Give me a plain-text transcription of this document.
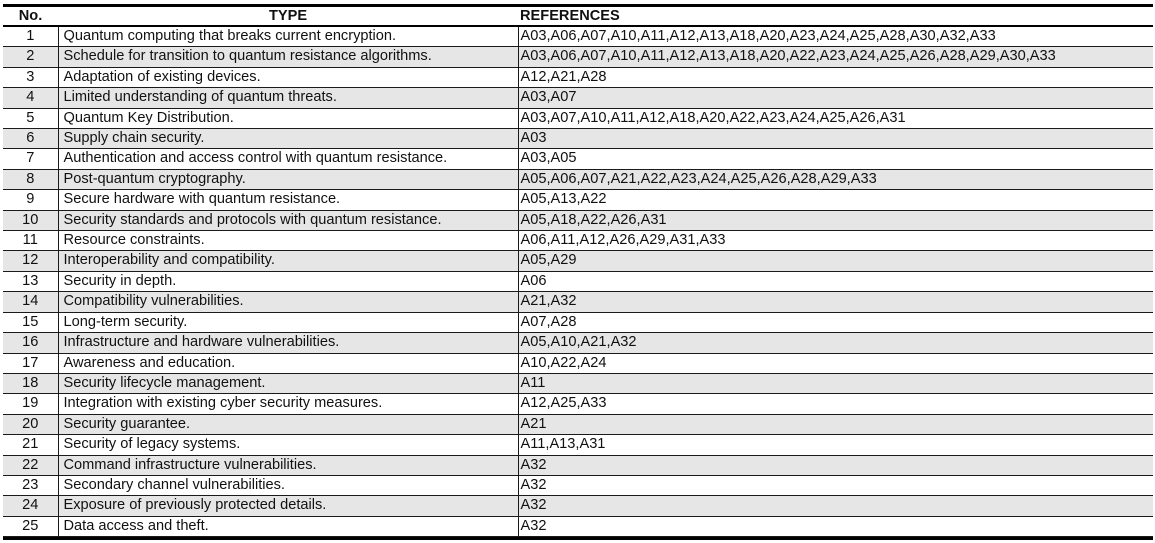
No.	TYPE	REFERENCES
1	Quantum computing that breaks current encryption.	A03,A06,A07,A10,A11,A12,A13,A18,A20,A23,A24,A25,A28,A30,A32,A33
2	Schedule for transition to quantum resistance algorithms.	A03,A06,A07,A10,A11,A12,A13,A18,A20,A22,A23,A24,A25,A26,A28,A29,A30,A33
3	Adaptation of existing devices.	A12,A21,A28
4	Limited understanding of quantum threats.	A03,A07
5	Quantum Key Distribution.	A03,A07,A10,A11,A12,A18,A20,A22,A23,A24,A25,A26,A31
6	Supply chain security.	A03
7	Authentication and access control with quantum resistance.	A03,A05
8	Post-quantum cryptography.	A05,A06,A07,A21,A22,A23,A24,A25,A26,A28,A29,A33
9	Secure hardware with quantum resistance.	A05,A13,A22
10	Security standards and protocols with quantum resistance.	A05,A18,A22,A26,A31
11	Resource constraints.	A06,A11,A12,A26,A29,A31,A33
12	Interoperability and compatibility.	A05,A29
13	Security in depth.	A06
14	Compatibility vulnerabilities.	A21,A32
15	Long-term security.	A07,A28
16	Infrastructure and hardware vulnerabilities.	A05,A10,A21,A32
17	Awareness and education.	A10,A22,A24
18	Security lifecycle management.	A11
19	Integration with existing cyber security measures.	A12,A25,A33
20	Security guarantee.	A21
21	Security of legacy systems.	A11,A13,A31
22	Command infrastructure vulnerabilities.	A32
23	Secondary channel vulnerabilities.	A32
24	Exposure of previously protected details.	A32
25	Data access and theft.	A32
